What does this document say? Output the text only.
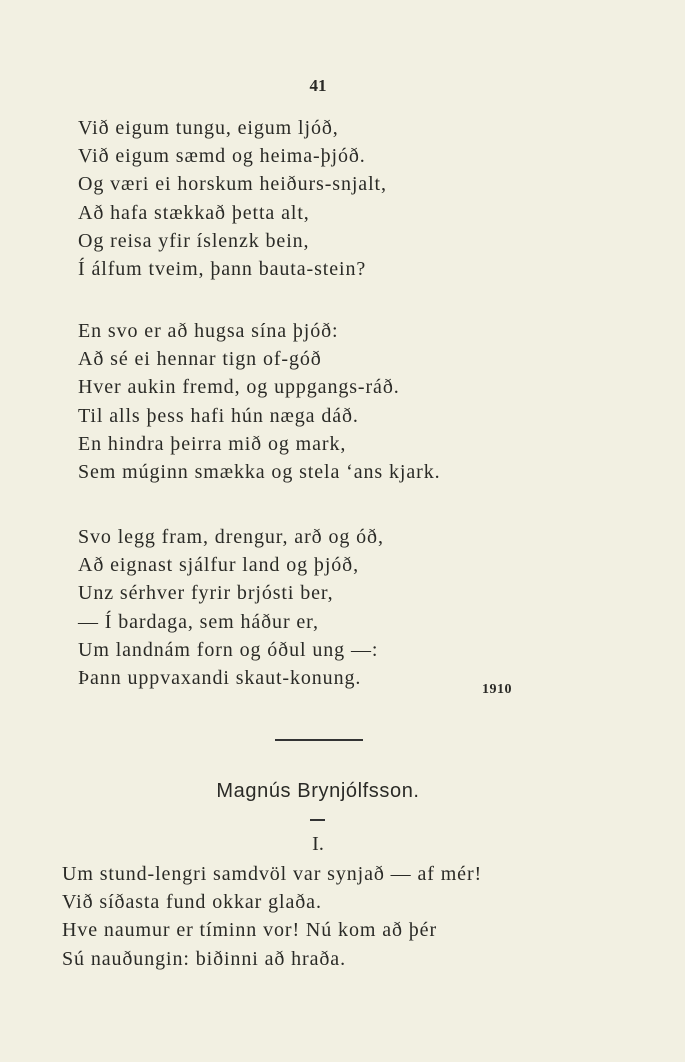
41
Við eigum tungu, eigum ljóð,
Við eigum sæmd og heima-þjóð.
Og væri ei horskum heiðurs-snjalt,
Að hafa stækkað þetta alt,
Og reisa yfir íslenzk bein,
Í álfum tveim, þann bauta-stein?
En svo er að hugsa sína þjóð:
Að sé ei hennar tign of-góð
Hver aukin fremd, og uppgangs-ráð.
Til alls þess hafi hún næga dáð.
En hindra þeirra mið og mark,
Sem múginn smækka og stela ‘ans kjark.
Svo legg fram, drengur, arð og óð,
Að eignast sjálfur land og þjóð,
Unz sérhver fyrir brjósti ber,
— Í bardaga, sem háður er,
Um landnám forn og óðul ung —:
Þann uppvaxandi skaut-konung.
1910
Magnús Brynjólfsson.
I.
Um stund-lengri samdvöl var synjað — af mér!
Við síðasta fund okkar glaða.
Hve naumur er tíminn vor! Nú kom að þér
Sú nauðungin: biðinni að hraða.
